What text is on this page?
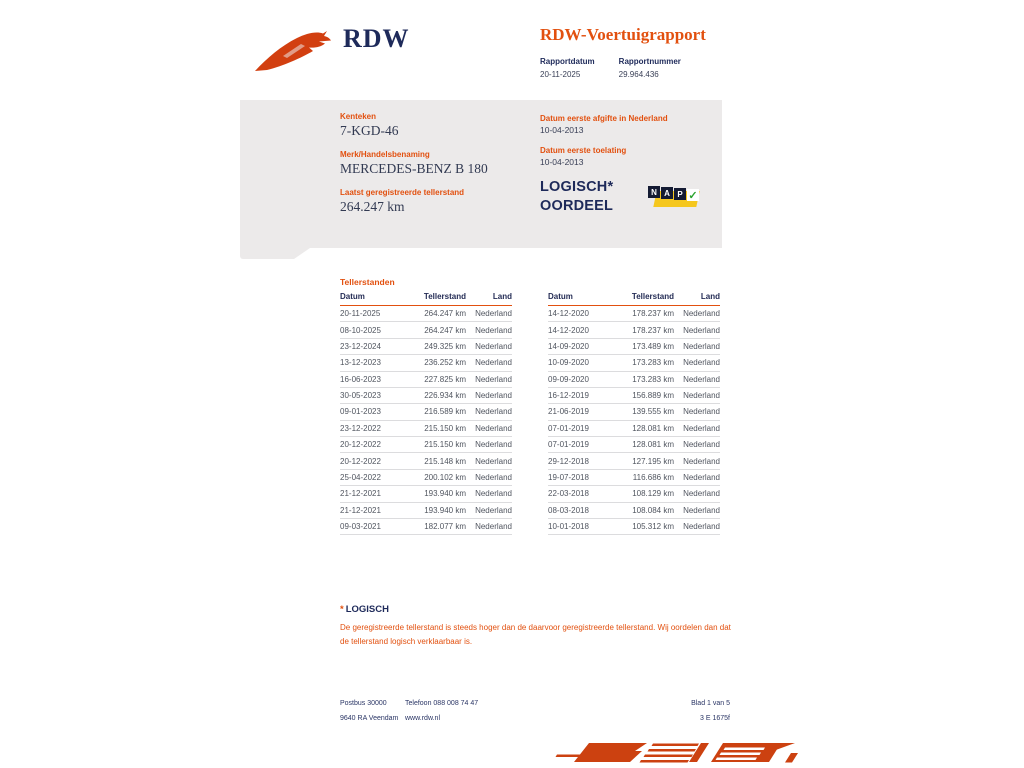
RDW	RDW-Voertuigrapport
Rapportdatum
20-11-2025
Rapportnummer
29.964.436
Kenteken
7-KGD-46
Merk/Handelsbenaming
MERCEDES-BENZ B 180
Laatst geregistreerde tellerstand
264.247 km
Datum eerste afgifte in Nederland
10-04-2013
Datum eerste toelating
10-04-2013
LOGISCH*
OORDEEL
N A P ✓
Tellerstanden
Datum	Tellerstand	Land
20-11-2025	264.247 km	Nederland
08-10-2025	264.247 km	Nederland
23-12-2024	249.325 km	Nederland
13-12-2023	236.252 km	Nederland
16-06-2023	227.825 km	Nederland
30-05-2023	226.934 km	Nederland
09-01-2023	216.589 km	Nederland
23-12-2022	215.150 km	Nederland
20-12-2022	215.150 km	Nederland
20-12-2022	215.148 km	Nederland
25-04-2022	200.102 km	Nederland
21-12-2021	193.940 km	Nederland
21-12-2021	193.940 km	Nederland
09-03-2021	182.077 km	Nederland
Datum	Tellerstand	Land
14-12-2020	178.237 km	Nederland
14-12-2020	178.237 km	Nederland
14-09-2020	173.489 km	Nederland
10-09-2020	173.283 km	Nederland
09-09-2020	173.283 km	Nederland
16-12-2019	156.889 km	Nederland
21-06-2019	139.555 km	Nederland
07-01-2019	128.081 km	Nederland
07-01-2019	128.081 km	Nederland
29-12-2018	127.195 km	Nederland
19-07-2018	116.686 km	Nederland
22-03-2018	108.129 km	Nederland
08-03-2018	108.084 km	Nederland
10-01-2018	105.312 km	Nederland
* LOGISCH
De geregistreerde tellerstand is steeds hoger dan de daarvoor geregistreerde tellerstand. Wij oordelen dan dat de tellerstand logisch verklaarbaar is.
Postbus 30000	Telefoon 088 008 74 47	Blad 1 van 5
9640 RA Veendam www.rdw.nl	3 E 1675f
